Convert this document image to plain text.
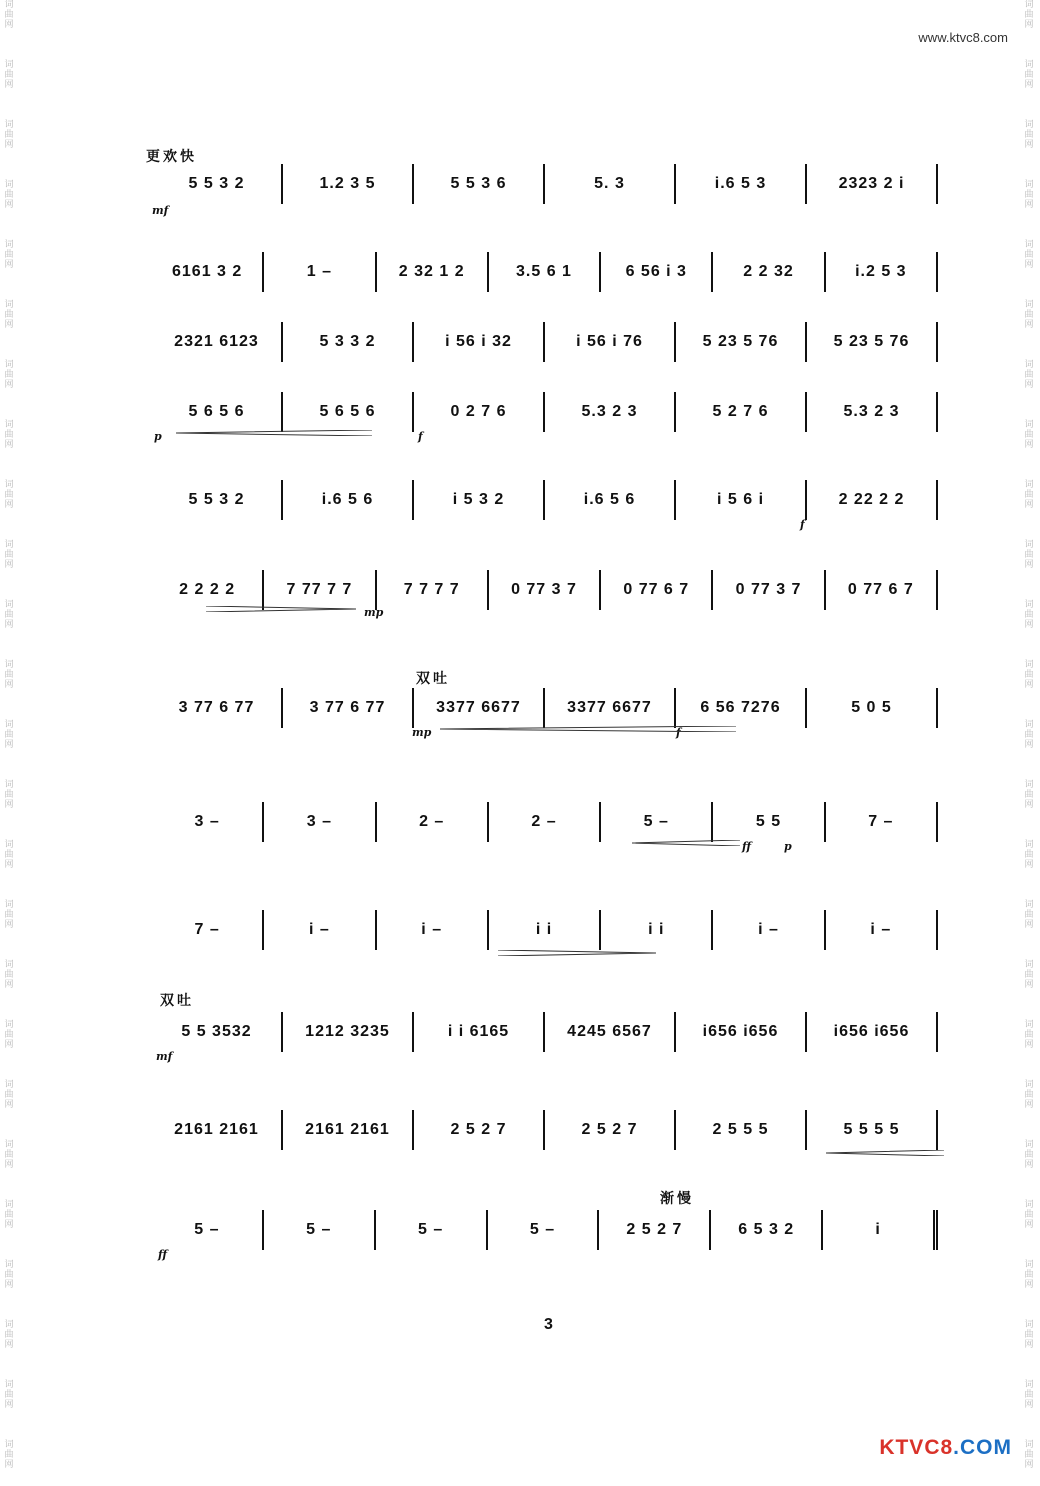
词曲网
词曲网
词曲网
词曲网
词曲网
词曲网
词曲网
词曲网
词曲网
词曲网
词曲网
词曲网
词曲网
词曲网
词曲网
词曲网
词曲网
词曲网
词曲网
词曲网
词曲网
词曲网
词曲网
词曲网
词曲网
词曲网
词曲网
词曲网
词曲网
词曲网
词曲网
词曲网
词曲网
词曲网
词曲网
词曲网
词曲网
词曲网
词曲网
词曲网
词曲网
词曲网
词曲网
词曲网
词曲网
词曲网
词曲网
词曲网
词曲网
词曲网
www.ktvc8.com
更欢快
双吐
双吐
渐慢
5 5 3 2	1.2 3 5	5 5 3 6	5. 3	i.6 5 3	2323 2 i
6161 3 2	1 –	2 32 1 2	3.5 6 1	6 56 i 3	2 2 32	i.2 5 3
2321 6123	5 3 3 2	i 56 i 32	i 56 i 76	5 23 5 76	5 23 5 76
5 6 5 6	5 6 5 6	0 2 7 6	5.3 2 3	5 2 7 6	5.3 2 3
5 5 3 2	i.6 5 6	i 5 3 2	i.6 5 6	i 5 6 i	2 22 2 2
2 2 2 2	7 77 7 7	7 7 7 7	0 77 3 7	0 77 6 7	0 77 3 7	0 77 6 7
3 77 6 77	3 77 6 77	3377 6677	3377 6677	6 56 7276	5 0 5
3 –	3 –	2 –	2 –	5 –	5 5	7 –
7 –	i –	i –	i i	i i	i –	i –
5 5 3532	1212 3235	i i 6165	4245 6567	i656 i656	i656 i656
2161 2161	2161 2161	2 5 2 7	2 5 2 7	2 5 5 5	5 5 5 5
5 –	5 –	5 –	5 –	2 5 2 7	6 5 3 2	i
mf
p	f
f
mp
mp	f
ff	p
mf
ff
3
KTVC8.COM
